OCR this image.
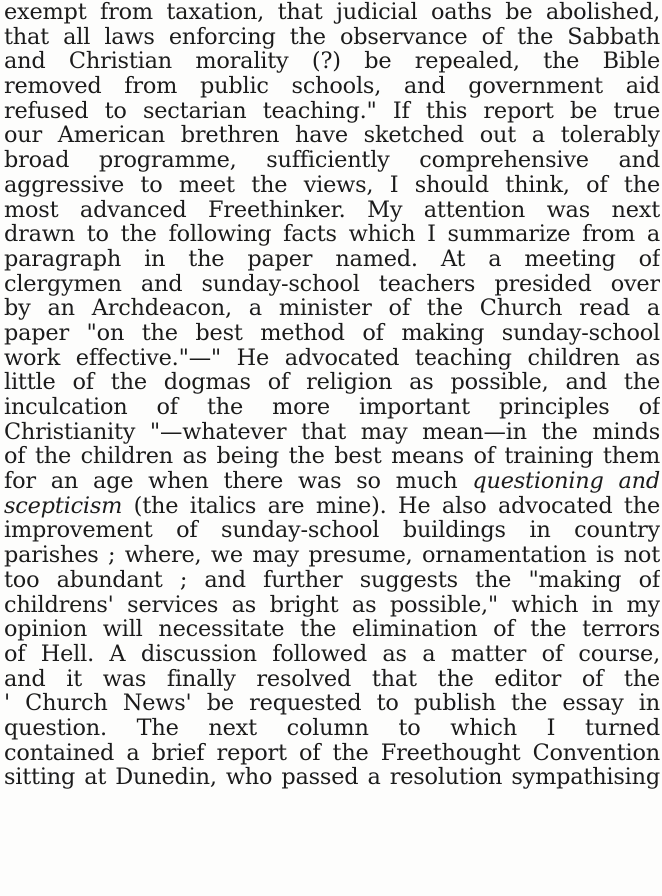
exempt from taxation, that judicial oaths be abolished,
that all laws enforcing the observance of the Sabbath
and Christian morality (?) be repealed, the Bible
removed from public schools, and government aid
refused to sectarian teaching." If this report be true
our American brethren have sketched out a tolerably
broad programme, sufficiently comprehensive and
aggressive to meet the views, I should think, of the
most advanced Freethinker. My attention was next
drawn to the following facts which I summarize from a
paragraph in the paper named. At a meeting of
clergymen and sunday-school teachers presided over
by an Archdeacon, a minister of the Church read a
paper "on the best method of making sunday-school
work effective."—" He advocated teaching children as
little of the dogmas of religion as possible, and the
inculcation of the more important principles of
Christianity "—whatever that may mean—in the minds
of the children as being the best means of training them
for an age when there was so much questioning and
scepticism (the italics are mine). He also advocated the
improvement of sunday-school buildings in country
parishes ; where, we may presume, ornamentation is not
too abundant ; and further suggests the "making of
childrens' services as bright as possible," which in my
opinion will necessitate the elimination of the terrors
of Hell. A discussion followed as a matter of course,
and it was finally resolved that the editor of the
' Church News' be requested to publish the essay in
question. The next column to which I turned
contained a brief report of the Freethought Convention
sitting at Dunedin, who passed a resolution sympathising
